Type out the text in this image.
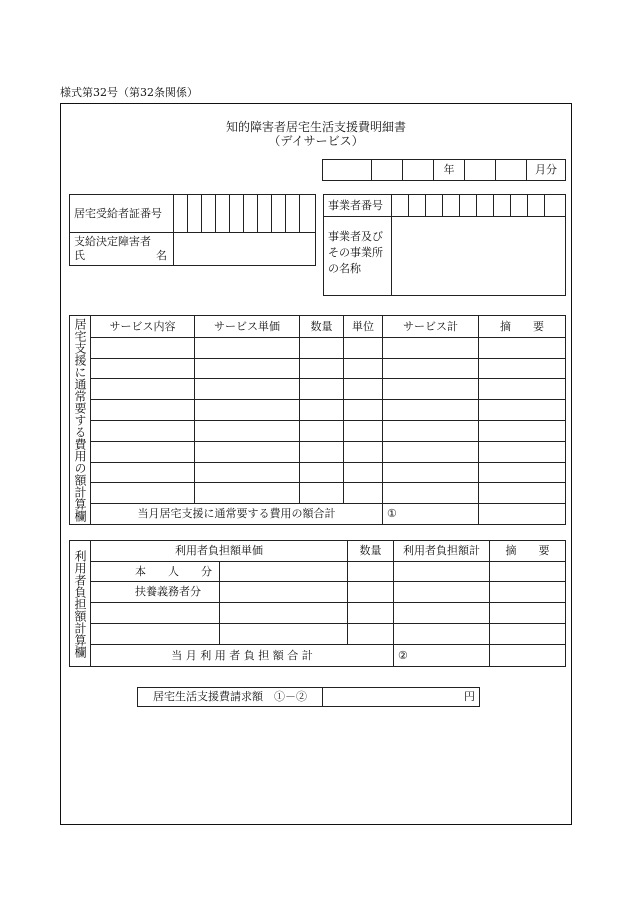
様式第32号（第32条関係）
知的障害者居宅生活支援費明細書
（デイサービス）
			年			月分
居宅受給者証番号										

支給決定障害者
氏 名										

事業者番号										

事業者及び
その事業所
の名称										

居宅支援に通常要する費用の額計算欄	サービス内容	サービス単価	数量	単位	サービス計	摘　　要

	当月居宅支援に通常要する費用の額合計				①	
利用者負担額計算欄	利用者負担額単価		数量	利用者負担額計	摘　　要
	本　　人　　分				
	扶養義務者分				

	当 月 利 用 者 負 担 額 合 計			②	
居宅生活支援費請求額　①－②	円
